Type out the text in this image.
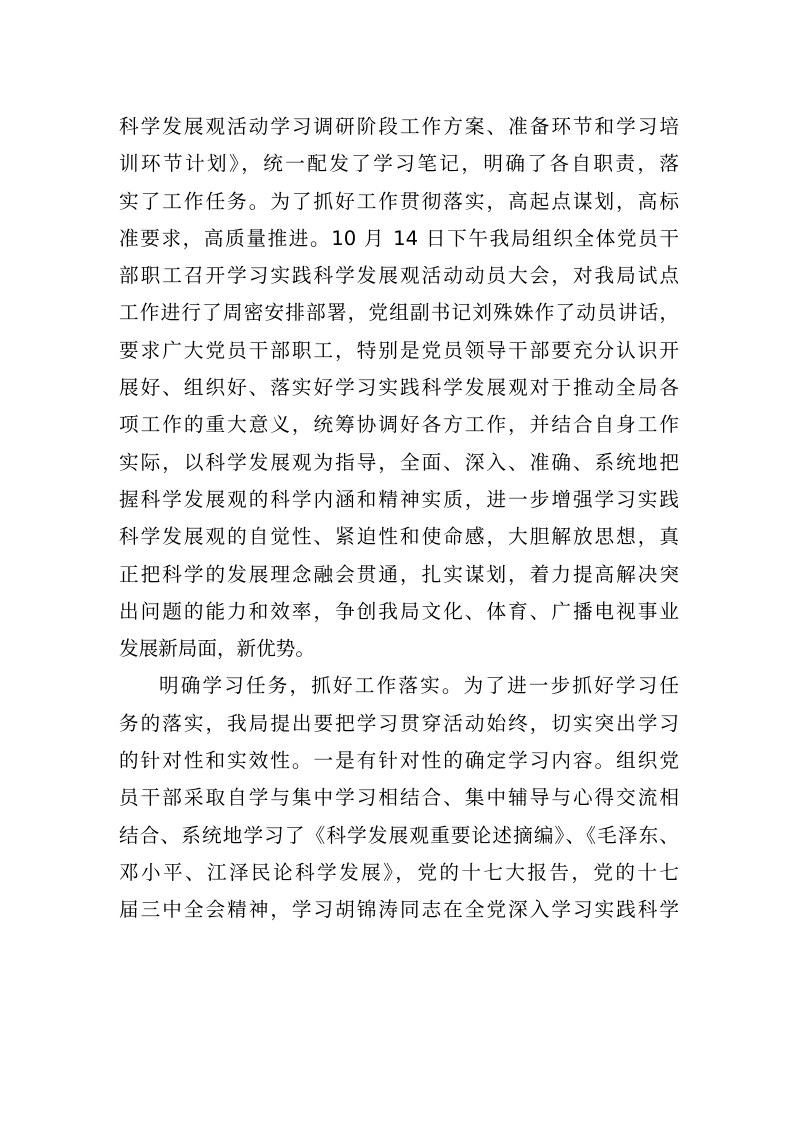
科学发展观活动学习调研阶段工作方案、准备环节和学习培
训环节计划》，统一配发了学习笔记，明确了各自职责，落
实了工作任务。为了抓好工作贯彻落实，高起点谋划，高标
准要求，高质量推进。10 月 14 日下午我局组织全体党员干
部职工召开学习实践科学发展观活动动员大会，对我局试点
工作进行了周密安排部署，党组副书记刘殊姝作了动员讲话，
要求广大党员干部职工，特别是党员领导干部要充分认识开
展好、组织好、落实好学习实践科学发展观对于推动全局各
项工作的重大意义，统筹协调好各方工作，并结合自身工作
实际，以科学发展观为指导，全面、深入、准确、系统地把
握科学发展观的科学内涵和精神实质，进一步增强学习实践
科学发展观的自觉性、紧迫性和使命感，大胆解放思想，真
正把科学的发展理念融会贯通，扎实谋划，着力提高解决突
出问题的能力和效率，争创我局文化、体育、广播电视事业
发展新局面，新优势。
明确学习任务，抓好工作落实。为了进一步抓好学习任
务的落实，我局提出要把学习贯穿活动始终，切实突出学习
的针对性和实效性。一是有针对性的确定学习内容。组织党
员干部采取自学与集中学习相结合、集中辅导与心得交流相
结合、系统地学习了《科学发展观重要论述摘编》、《毛泽东、
邓小平、江泽民论科学发展》，党的十七大报告，党的十七
届三中全会精神，学习胡锦涛同志在全党深入学习实践科学
